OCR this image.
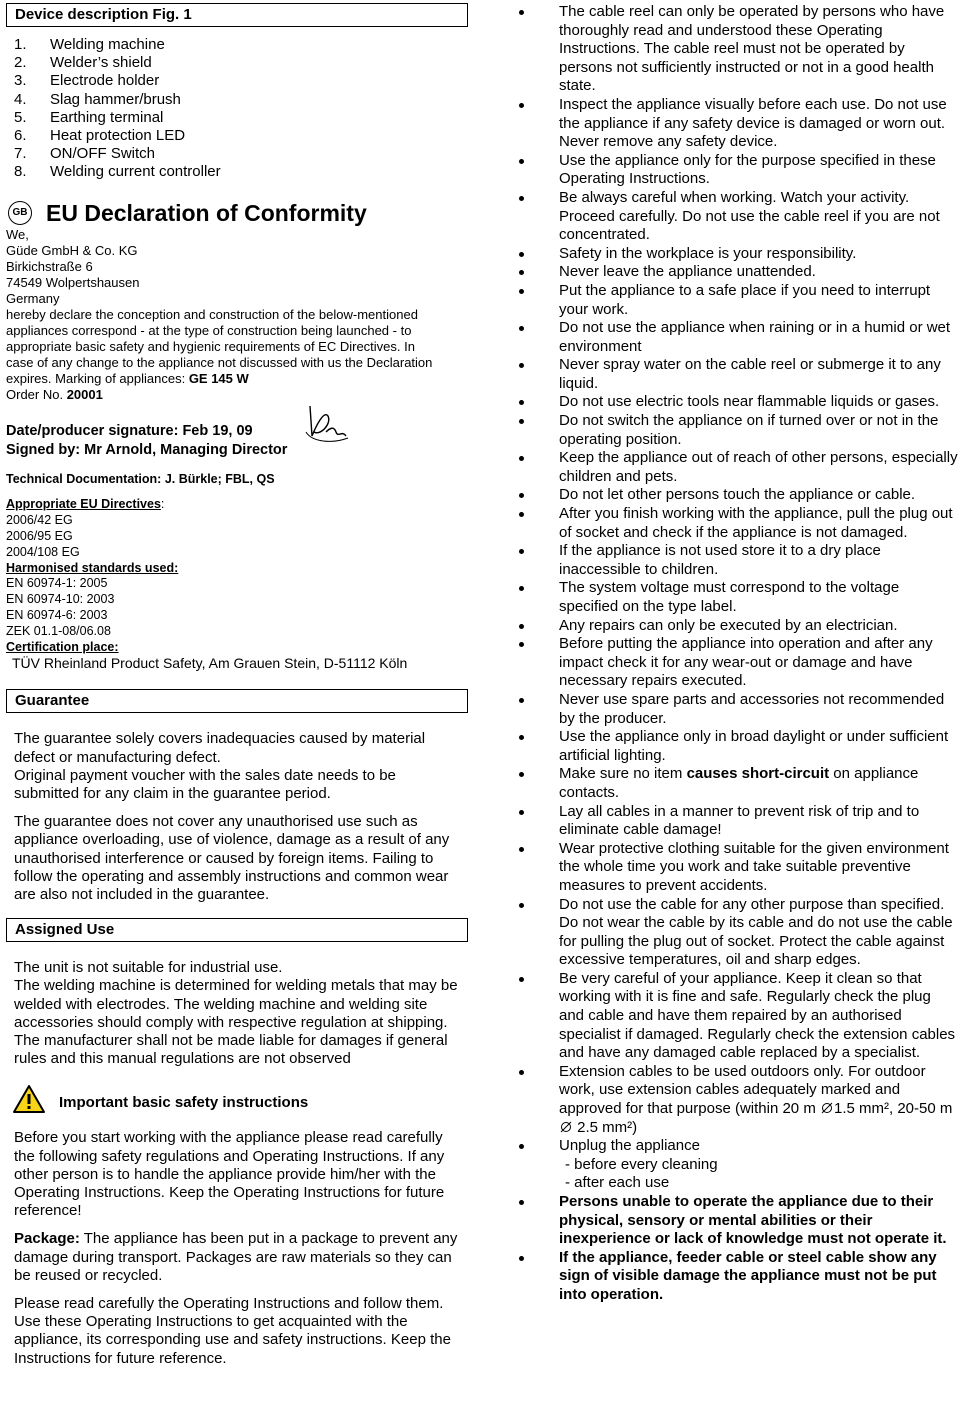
Device description Fig. 1
1. Welding machine
2. Welder’s shield
3. Electrode holder
4. Slag hammer/brush
5. Earthing terminal
6. Heat protection LED
7. ON/OFF Switch
8. Welding current controller
GB EU Declaration of Conformity
We,
Güde GmbH & Co. KG
Birkichstraße 6
74549 Wolpertshausen
Germany
hereby declare the conception and construction of the below-mentioned appliances correspond - at the type of construction being launched - to appropriate basic safety and hygienic requirements of EC Directives. In case of any change to the appliance not discussed with us the Declaration expires. Marking of appliances: GE 145 W
Order No. 20001
Date/producer signature: Feb 19, 09
Signed by: Mr Arnold, Managing Director
Technical Documentation: J. Bürkle; FBL, QS
Appropriate EU Directives:
2006/42 EG
2006/95 EG
2004/108 EG
Harmonised standards used:
EN 60974-1: 2005
EN 60974-10: 2003
EN 60974-6: 2003
ZEK 01.1-08/06.08
Certification place:
TÜV Rheinland Product Safety, Am Grauen Stein, D-51112 Köln
Guarantee
The guarantee solely covers inadequacies caused by material defect or manufacturing defect.
Original payment voucher with the sales date needs to be submitted for any claim in the guarantee period.
The guarantee does not cover any unauthorised use such as appliance overloading, use of violence, damage as a result of any unauthorised interference or caused by foreign items. Failing to follow the operating and assembly instructions and common wear are also not included in the guarantee.
Assigned Use
The unit is not suitable for industrial use.
The welding machine is determined for welding metals that may be welded with electrodes. The welding machine and welding site accessories should comply with respective regulation at shipping. The manufacturer shall not be made liable for damages if general rules and this manual regulations are not observed
Important basic safety instructions
Before you start working with the appliance please read carefully the following safety regulations and Operating Instructions. If any other person is to handle the appliance provide him/her with the Operating Instructions. Keep the Operating Instructions for future reference!
Package: The appliance has been put in a package to prevent any damage during transport. Packages are raw materials so they can be reused or recycled.
Please read carefully the Operating Instructions and follow them. Use these Operating Instructions to get acquainted with the appliance, its corresponding use and safety instructions. Keep the Instructions for future reference.
The cable reel can only be operated by persons who have thoroughly read and understood these Operating Instructions. The cable reel must not be operated by persons not sufficiently instructed or not in a good health state.
Inspect the appliance visually before each use. Do not use the appliance if any safety device is damaged or worn out. Never remove any safety device.
Use the appliance only for the purpose specified in these Operating Instructions.
Be always careful when working. Watch your activity. Proceed carefully. Do not use the cable reel if you are not concentrated.
Safety in the workplace is your responsibility.
Never leave the appliance unattended.
Put the appliance to a safe place if you need to interrupt your work.
Do not use the appliance when raining or in a humid or wet environment
Never spray water on the cable reel or submerge it to any liquid.
Do not use electric tools near flammable liquids or gases.
Do not switch the appliance on if turned over or not in the operating position.
Keep the appliance out of reach of other persons, especially children and pets.
Do not let other persons touch the appliance or cable.
After you finish working with the appliance, pull the plug out of socket and check if the appliance is not damaged.
If the appliance is not used store it to a dry place inaccessible to children.
The system voltage must correspond to the voltage specified on the type label.
Any repairs can only be executed by an electrician.
Before putting the appliance into operation and after any impact check it for any wear-out or damage and have necessary repairs executed.
Never use spare parts and accessories not recommended by the producer.
Use the appliance only in broad daylight or under sufficient artificial lighting.
Make sure no item causes short-circuit on appliance contacts.
Lay all cables in a manner to prevent risk of trip and to eliminate cable damage!
Wear protective clothing suitable for the given environment the whole time you work and take suitable preventive measures to prevent accidents.
Do not use the cable for any other purpose than specified. Do not wear the cable by its cable and do not use the cable for pulling the plug out of socket. Protect the cable against excessive temperatures, oil and sharp edges.
Be very careful of your appliance. Keep it clean so that working with it is fine and safe. Regularly check the plug and cable and have them repaired by an authorised specialist if damaged. Regularly check the extension cables and have any damaged cable replaced by a specialist.
Extension cables to be used outdoors only. For outdoor work, use extension cables adequately marked and approved for that purpose (within 20 m 1.5 mm², 20-50 m  2.5 mm²)
Unplug the appliance
- before every cleaning
- after each use
Persons unable to operate the appliance due to their physical, sensory or mental abilities or their inexperience or lack of knowledge must not operate it.
If the appliance, feeder cable or steel cable show any sign of visible damage the appliance must not be put into operation.
